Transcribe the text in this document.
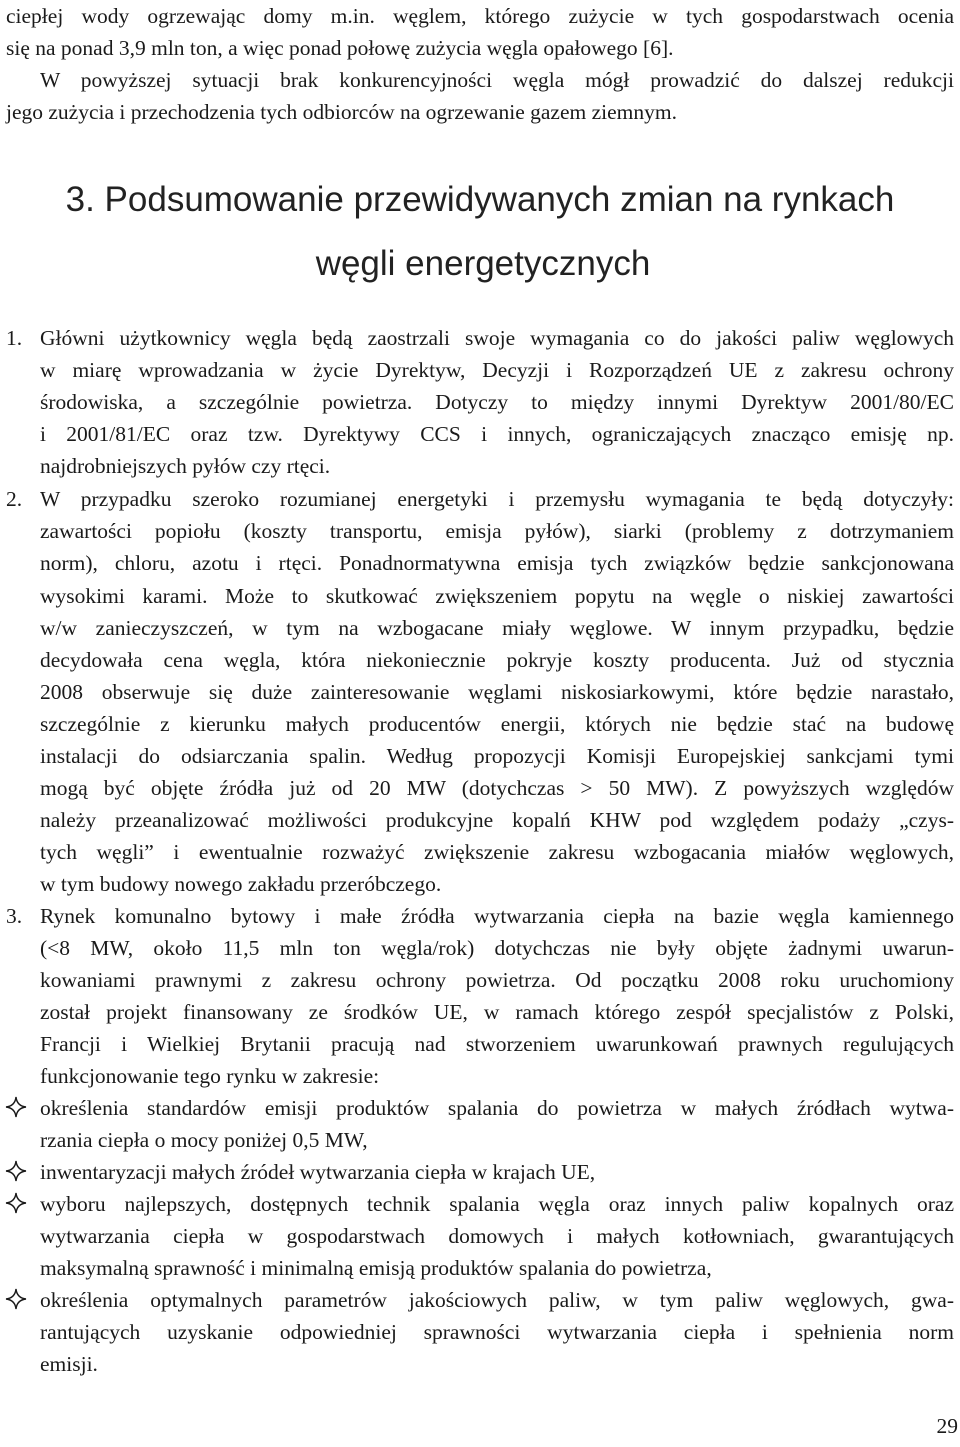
ciepłej wody ogrzewając domy m.in. węglem, którego zużycie w tych gospodarstwach ocenia
się na ponad 3,9 mln ton, a więc ponad połowę zużycia węgla opałowego [6].
W powyższej sytuacji brak konkurencyjności węgla mógł prowadzić do dalszej redukcji
jego zużycia i przechodzenia tych odbiorców na ogrzewanie gazem ziemnym.
3. Podsumowanie przewidywanych zmian na rynkach
węgli energetycznych
1. Główni użytkownicy węgla będą zaostrzali swoje wymagania co do jakości paliw węglowych
w miarę wprowadzania w życie Dyrektyw, Decyzji i Rozporządzeń UE z zakresu ochrony
środowiska, a szczególnie powietrza. Dotyczy to między innymi Dyrektyw 2001/80/EC
i 2001/81/EC oraz tzw. Dyrektywy CCS i innych, ograniczających znacząco emisję np.
najdrobniejszych pyłów czy rtęci.
2. W przypadku szeroko rozumianej energetyki i przemysłu wymagania te będą dotyczyły:
zawartości popiołu (koszty transportu, emisja pyłów), siarki (problemy z dotrzymaniem
norm), chloru, azotu i rtęci. Ponadnormatywna emisja tych związków będzie sankcjonowana
wysokimi karami. Może to skutkować zwiększeniem popytu na węgle o niskiej zawartości
w/w zanieczyszczeń, w tym na wzbogacane miały węglowe. W innym przypadku, będzie
decydowała cena węgla, która niekoniecznie pokryje koszty producenta. Już od stycznia
2008 obserwuje się duże zainteresowanie węglami niskosiarkowymi, które będzie narastało,
szczególnie z kierunku małych producentów energii, których nie będzie stać na budowę
instalacji do odsiarczania spalin. Według propozycji Komisji Europejskiej sankcjami tymi
mogą być objęte źródła już od 20 MW (dotychczas > 50 MW). Z powyższych względów
należy przeanalizować możliwości produkcyjne kopalń KHW pod względem podaży „czys-
tych węgli” i ewentualnie rozważyć zwiększenie zakresu wzbogacania miałów węglowych,
w tym budowy nowego zakładu przeróbczego.
3. Rynek komunalno bytowy i małe źródła wytwarzania ciepła na bazie węgla kamiennego
(<8 MW, około 11,5 mln ton węgla/rok) dotychczas nie były objęte żadnymi uwarun-
kowaniami prawnymi z zakresu ochrony powietrza. Od początku 2008 roku uruchomiony
został projekt finansowany ze środków UE, w ramach którego zespół specjalistów z Polski,
Francji i Wielkiej Brytanii pracują nad stworzeniem uwarunkowań prawnych regulujących
funkcjonowanie tego rynku w zakresie:
określenia standardów emisji produktów spalania do powietrza w małych źródłach wytwa-
rzania ciepła o mocy poniżej 0,5 MW,
inwentaryzacji małych źródeł wytwarzania ciepła w krajach UE,
wyboru najlepszych, dostępnych technik spalania węgla oraz innych paliw kopalnych oraz
wytwarzania ciepła w gospodarstwach domowych i małych kotłowniach, gwarantujących
maksymalną sprawność i minimalną emisją produktów spalania do powietrza,
określenia optymalnych parametrów jakościowych paliw, w tym paliw węglowych, gwa-
rantujących uzyskanie odpowiedniej sprawności wytwarzania ciepła i spełnienia norm
emisji.
29
